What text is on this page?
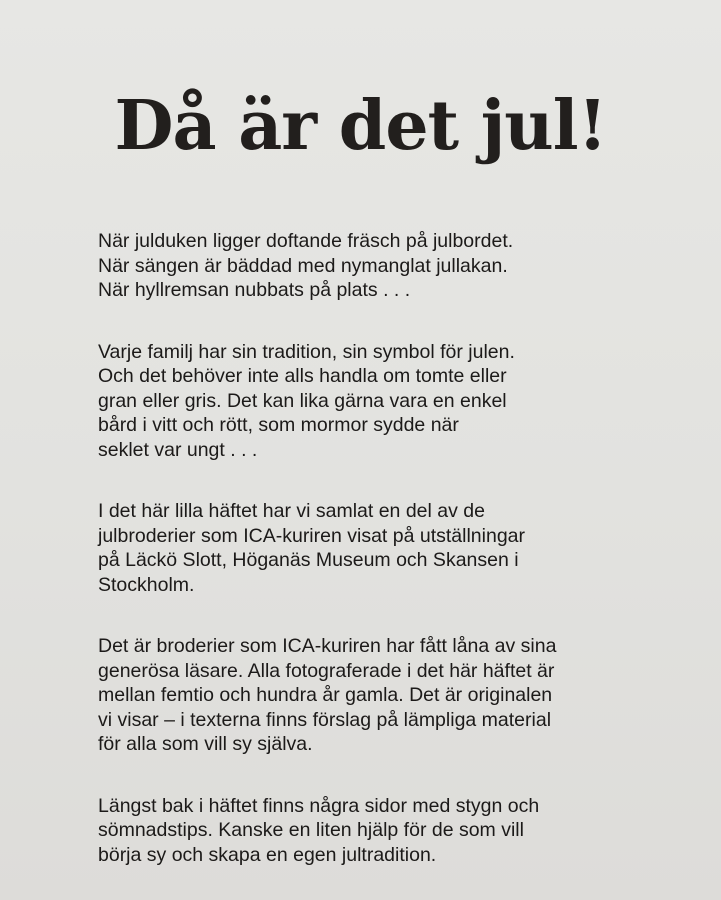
Då är det jul!

När julduken ligger doftande fräsch på julbordet.
När sängen är bäddad med nymanglat jullakan.
När hyllremsan nubbats på plats . . .

Varje familj har sin tradition, sin symbol för julen.
Och det behöver inte alls handla om tomte eller
gran eller gris. Det kan lika gärna vara en enkel
bård i vitt och rött, som mormor sydde när
seklet var ungt . . .

I det här lilla häftet har vi samlat en del av de
julbroderier som ICA-kuriren visat på utställningar
på Läckö Slott, Höganäs Museum och Skansen i
Stockholm.

Det är broderier som ICA-kuriren har fått låna av sina
generösa läsare. Alla fotograferade i det här häftet är
mellan femtio och hundra år gamla. Det är originalen
vi visar – i texterna finns förslag på lämpliga material
för alla som vill sy själva.

Längst bak i häftet finns några sidor med stygn och
sömnadstips. Kanske en liten hjälp för de som vill
börja sy och skapa en egen jultradition.
